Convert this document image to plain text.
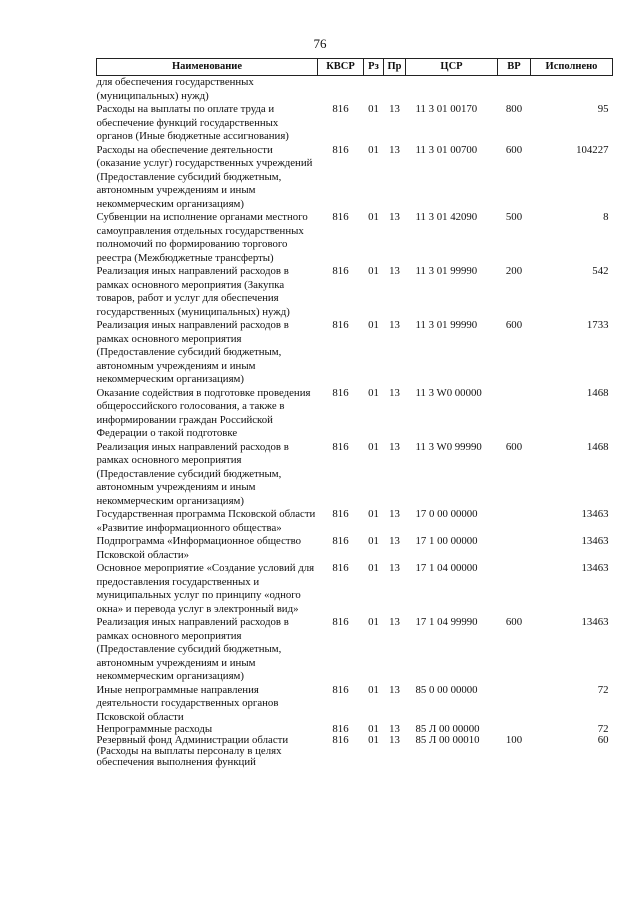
76
Наименование	КВСР	Рз	Пр	ЦСР	ВР	Исполнено
для обеспечения государственных (муниципальных) нужд)						
Расходы на выплаты по оплате труда и обеспечение функций государственных органов (Иные бюджетные ассигнования)	816	01	13	11 3 01 00170	800	95
Расходы на обеспечение деятельности (оказание услуг) государственных учреждений (Предоставление субсидий бюджетным, автономным учреждениям и иным некоммерческим организациям)	816	01	13	11 3 01 00700	600	104227
Субвенции на исполнение органами местного самоуправления отдельных государственных полномочий по формированию торгового реестра (Межбюджетные трансферты)	816	01	13	11 3 01 42090	500	8
Реализация иных направлений расходов в рамках основного мероприятия (Закупка товаров, работ и услуг для обеспечения государственных (муниципальных) нужд)	816	01	13	11 3 01 99990	200	542
Реализация иных направлений расходов в рамках основного мероприятия (Предоставление субсидий бюджетным, автономным учреждениям и иным некоммерческим организациям)	816	01	13	11 3 01 99990	600	1733
Оказание содействия в подготовке проведения общероссийского голосования, а также в информировании граждан Российской Федерации о такой подготовке	816	01	13	11 3 W0 00000		1468
Реализация иных направлений расходов в рамках основного мероприятия (Предоставление субсидий бюджетным, автономным учреждениям и иным некоммерческим организациям)	816	01	13	11 3 W0 99990	600	1468
Государственная программа Псковской области «Развитие информационного общества»	816	01	13	17 0 00 00000		13463
Подпрограмма «Информационное общество Псковской области»	816	01	13	17 1 00 00000		13463
Основное мероприятие «Создание условий для предоставления государственных и муниципальных услуг по принципу «одного окна» и перевода услуг в электронный вид»	816	01	13	17 1 04 00000		13463
Реализация иных направлений расходов в рамках основного мероприятия (Предоставление субсидий бюджетным, автономным учреждениям и иным некоммерческим организациям)	816	01	13	17 1 04 99990	600	13463
Иные непрограммные направления деятельности государственных органов Псковской области	816	01	13	85 0 00 00000		72
Непрограммные расходы	816	01	13	85 Л 00 00000		72
Резервный фонд Администрации области (Расходы на выплаты персоналу в целях обеспечения выполнения функций	816	01	13	85 Л 00 00010	100	60
